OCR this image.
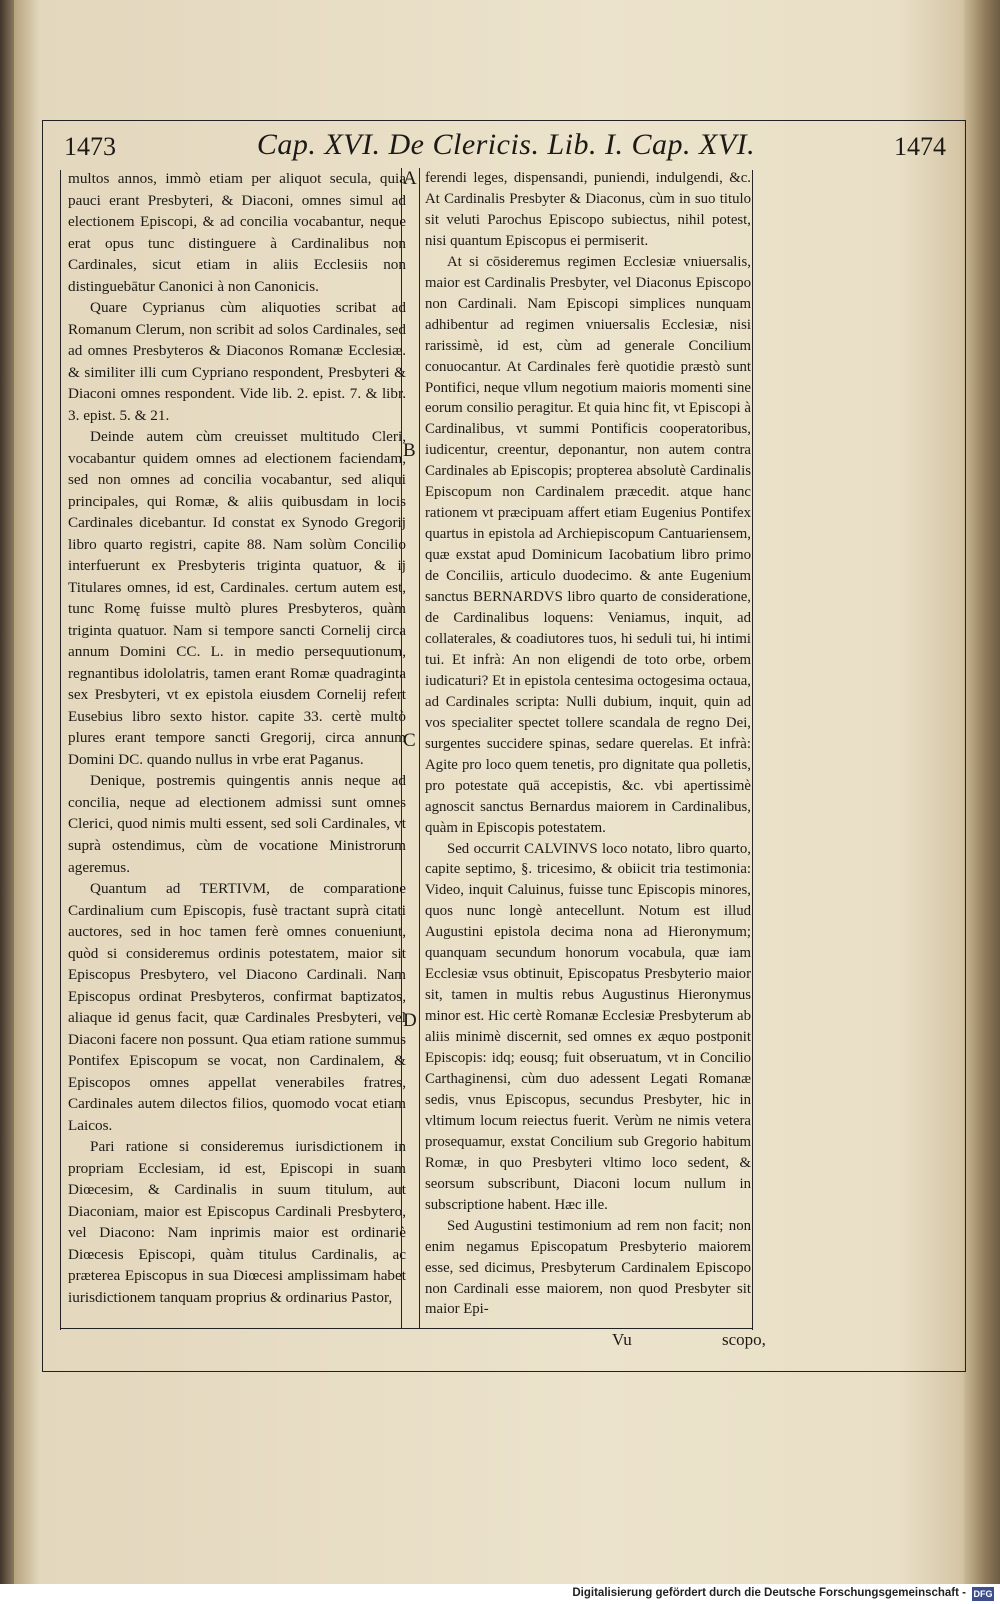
1473	Cap. XVI. De Clericis. Lib. I. Cap. XVI.	1474
A
B
C
D

multos annos, immò etiam per aliquot secula, quia pauci erant Presbyteri, & Diaconi, omnes simul ad electionem Episcopi, & ad concilia vocabantur, neque erat opus tunc distinguere à Cardinalibus non Cardinales, sicut etiam in aliis Ecclesiis non distinguebātur Canonici à non Canonicis.

Quare Cyprianus cùm aliquoties scribat ad Romanum Clerum, non scribit ad solos Cardinales, sed ad omnes Presbyteros & Diaconos Romanæ Ecclesiæ. & similiter illi cum Cypriano respondent, Presbyteri & Diaconi omnes respondent. Vide lib. 2. epist. 7. & libr. 3. epist. 5. & 21.

Deinde autem cùm creuisset multitudo Cleri, vocabantur quidem omnes ad electionem faciendam, sed non omnes ad concilia vocabantur, sed aliqui principales, qui Romæ, & aliis quibusdam in locis Cardinales dicebantur. Id constat ex Synodo Gregorij libro quarto registri, capite 88. Nam solùm Concilio interfuerunt ex Presbyteris triginta quatuor, & ij Titulares omnes, id est, Cardinales. certum autem est, tunc Romę fuisse multò plures Presbyteros, quàm triginta quatuor. Nam si tempore sancti Cornelij circa annum Domini CC. L. in medio persequutionum, regnantibus idololatris, tamen erant Romæ quadraginta sex Presbyteri, vt ex epistola eiusdem Cornelij refert Eusebius libro sexto histor. capite 33. certè multò plures erant tempore sancti Gregorij, circa annum Domini DC. quando nullus in vrbe erat Paganus.

Denique, postremis quingentis annis neque ad concilia, neque ad electionem admissi sunt omnes Clerici, quod nimis multi essent, sed soli Cardinales, vt suprà ostendimus, cùm de vocatione Ministrorum ageremus.

Quantum ad TERTIVM, de comparatione Cardinalium cum Episcopis, fusè tractant suprà citati auctores, sed in hoc tamen ferè omnes conueniunt, quòd si consideremus ordinis potestatem, maior sit Episcopus Presbytero, vel Diacono Cardinali. Nam Episcopus ordinat Presbyteros, confirmat baptizatos, aliaque id genus facit, quæ Cardinales Presbyteri, vel Diaconi facere non possunt. Qua etiam ratione summus Pontifex Episcopum se vocat, non Cardinalem, & Episcopos omnes appellat venerabiles fratres, Cardinales autem dilectos filios, quomodo vocat etiam Laicos.

Pari ratione si consideremus iurisdictionem in propriam Ecclesiam, id est, Episcopi in suam Diœcesim, & Cardinalis in suum titulum, aut Diaconiam, maior est Episcopus Cardinali Presbytero, vel Diacono: Nam inprimis maior est ordinariè Diœcesis Episcopi, quàm titulus Cardinalis, ac præterea Episcopus in sua Diœcesi amplissimam habet iurisdictionem tanquam proprius & ordinarius Pastor,

ferendi leges, dispensandi, puniendi, indulgendi, &c. At Cardinalis Presbyter & Diaconus, cùm in suo titulo sit veluti Parochus Episcopo subiectus, nihil potest, nisi quantum Episcopus ei permiserit.

At si cōsideremus regimen Ecclesiæ vniuersalis, maior est Cardinalis Presbyter, vel Diaconus Episcopo non Cardinali. Nam Episcopi simplices nunquam adhibentur ad regimen vniuersalis Ecclesiæ, nisi rarissimè, id est, cùm ad generale Concilium conuocantur. At Cardinales ferè quotidie præstò sunt Pontifici, neque vllum negotium maioris momenti sine eorum consilio peragitur. Et quia hinc fit, vt Episcopi à Cardinalibus, vt summi Pontificis cooperatoribus, iudicentur, creentur, deponantur, non autem contra Cardinales ab Episcopis; propterea absolutè Cardinalis Episcopum non Cardinalem præcedit. atque hanc rationem vt præcipuam affert etiam Eugenius Pontifex quartus in epistola ad Archiepiscopum Cantuariensem, quæ exstat apud Dominicum Iacobatium libro primo de Conciliis, articulo duodecimo. & ante Eugenium sanctus BERNARDVS libro quarto de consideratione, de Cardinalibus loquens: Veniamus, inquit, ad collaterales, & coadiutores tuos, hi seduli tui, hi intimi tui. Et infrà: An non eligendi de toto orbe, orbem iudicaturi? Et in epistola centesima octogesima octaua, ad Cardinales scripta: Nulli dubium, inquit, quin ad vos specialiter spectet tollere scandala de regno Dei, surgentes succidere spinas, sedare querelas. Et infrà: Agite pro loco quem tenetis, pro dignitate qua polletis, pro potestate quā accepistis, &c. vbi apertissimè agnoscit sanctus Bernardus maiorem in Cardinalibus, quàm in Episcopis potestatem.

Sed occurrit CALVINVS loco notato, libro quarto, capite septimo, §. tricesimo, & obiicit tria testimonia: Video, inquit Caluinus, fuisse tunc Episcopis minores, quos nunc longè antecellunt. Notum est illud Augustini epistola decima nona ad Hieronymum; quanquam secundum honorum vocabula, quæ iam Ecclesiæ vsus obtinuit, Episcopatus Presbyterio maior sit, tamen in multis rebus Augustinus Hieronymus minor est. Hic certè Romanæ Ecclesiæ Presbyterum ab aliis minimè discernit, sed omnes ex æquo postponit Episcopis: idq; eousq; fuit obseruatum, vt in Concilio Carthaginensi, cùm duo adessent Legati Romanæ sedis, vnus Episcopus, secundus Presbyter, hic in vltimum locum reiectus fuerit. Verùm ne nimis vetera prosequamur, exstat Concilium sub Gregorio habitum Romæ, in quo Presbyteri vltimo loco sedent, & seorsum subscribunt, Diaconi locum nullum in subscriptione habent. Hæc ille.

Sed Augustini testimonium ad rem non facit; non enim negamus Episcopatum Presbyterio maiorem esse, sed dicimus, Presbyterum Cardinalem Episcopo non Cardinali esse maiorem, non quod Presbyter sit maior Epi-

Vu	scopo,
Digitalisierung gefördert durch die Deutsche Forschungsgemeinschaft - DFG
